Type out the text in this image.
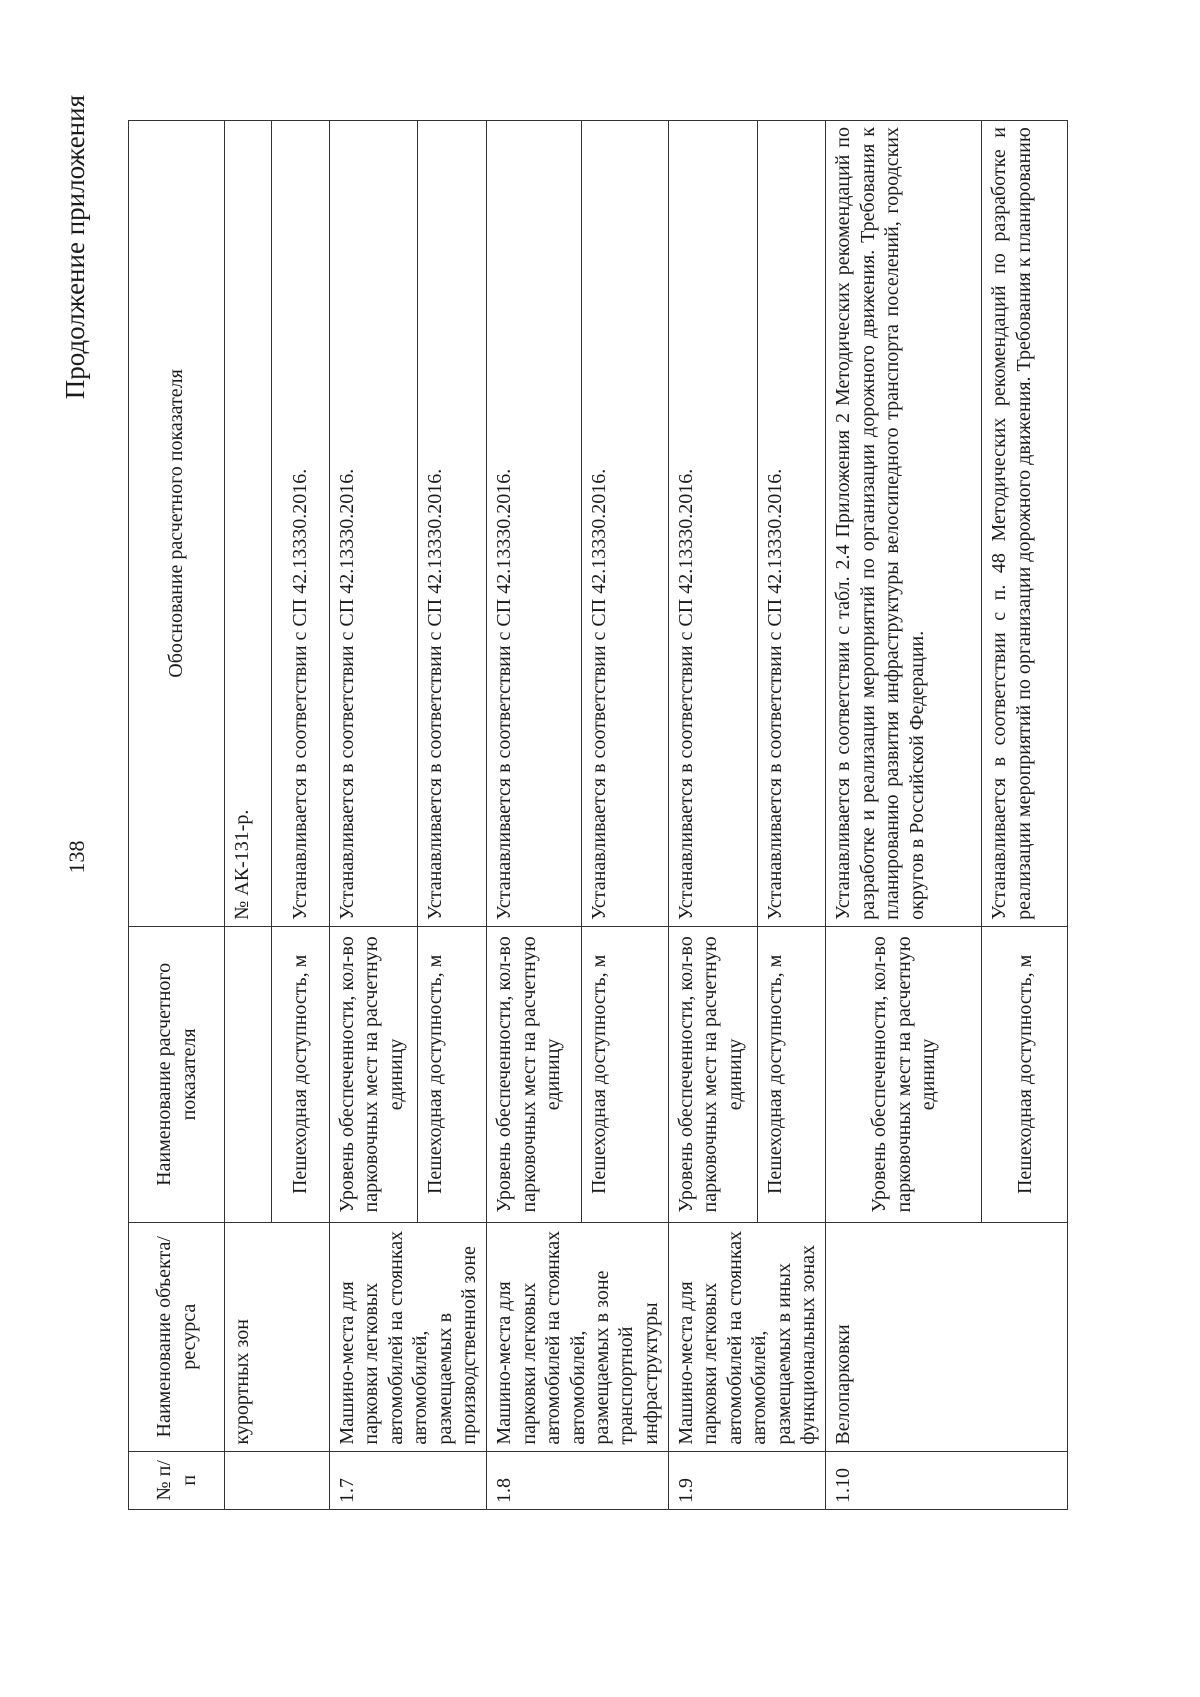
138
Продолжение приложения
№ п/п	Наименование объекта/ресурса	Наименование расчетного показателя	Обоснование расчетного показателя
	курортных зон		№ АК-131-р.
		Пешеходная доступность, м	Устанавливается в соответствии с СП 42.13330.2016.
1.7	Машино-места для парковки легковых автомобилей на стоянках автомобилей, размещаемых в производственной зоне	Уровень обеспеченности, кол-во парковочных мест на расчетную единицу	Устанавливается в соответствии с СП 42.13330.2016.
		Пешеходная доступность, м	Устанавливается в соответствии с СП 42.13330.2016.
1.8	Машино-места для парковки легковых автомобилей на стоянках автомобилей, размещаемых в зоне транспортной инфраструктуры	Уровень обеспеченности, кол-во парковочных мест на расчетную единицу	Устанавливается в соответствии с СП 42.13330.2016.
		Пешеходная доступность, м	Устанавливается в соответствии с СП 42.13330.2016.
1.9	Машино-места для парковки легковых автомобилей на стоянках автомобилей, размещаемых в иных функциональных зонах	Уровень обеспеченности, кол-во парковочных мест на расчетную единицу	Устанавливается в соответствии с СП 42.13330.2016.
		Пешеходная доступность, м	Устанавливается в соответствии с СП 42.13330.2016.
1.10	Велопарковки	Уровень обеспеченности, кол-во парковочных мест на расчетную единицу	Устанавливается в соответствии с табл. 2.4 Приложения 2 Методических рекомендаций по разработке и реализации мероприятий по организации дорожного движения. Требования к планированию развития инфраструктуры велосипедного транспорта поселений, городских округов в Российской Федерации.
		Пешеходная доступность, м	Устанавливается в соответствии с п. 48 Методических рекомендаций по разработке и реализации мероприятий по организации дорожного движения. Требования к планированию
